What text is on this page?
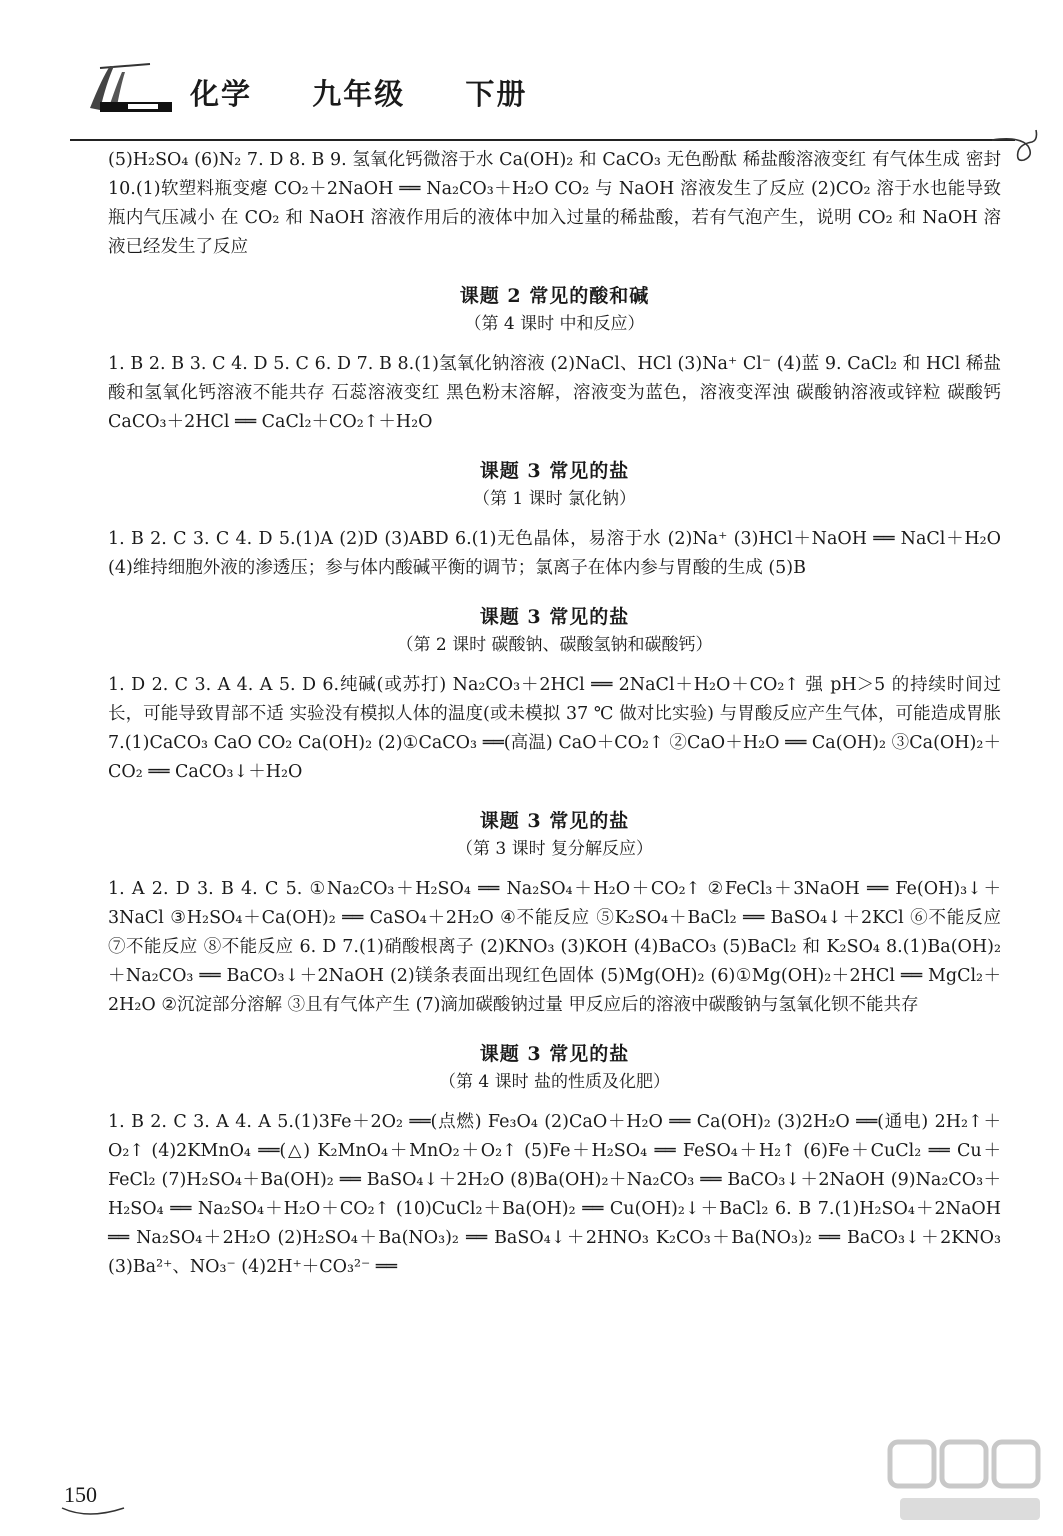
化学  九年级  下册

(5)H₂SO₄ (6)N₂ 7. D 8. B 9. 氢氧化钙微溶于水 Ca(OH)₂ 和 CaCO₃ 无色酚酞 稀盐酸溶液变红 有气体生成 密封 10.(1)软塑料瓶变瘪 CO₂＋2NaOH ══ Na₂CO₃＋H₂O CO₂ 与 NaOH 溶液发生了反应 (2)CO₂ 溶于水也能导致瓶内气压减小 在 CO₂ 和 NaOH 溶液作用后的液体中加入过量的稀盐酸，若有气泡产生，说明 CO₂ 和 NaOH 溶液已经发生了反应

课题 2 常见的酸和碱
（第 4 课时 中和反应）

1. B 2. B 3. C 4. D 5. C 6. D 7. B 8.(1)氢氧化钠溶液 (2)NaCl、HCl (3)Na⁺ Cl⁻ (4)蓝 9. CaCl₂ 和 HCl 稀盐酸和氢氧化钙溶液不能共存 石蕊溶液变红 黑色粉末溶解，溶液变为蓝色，溶液变浑浊 碳酸钠溶液或锌粒 碳酸钙 CaCO₃＋2HCl ══ CaCl₂＋CO₂↑＋H₂O

课题 3 常见的盐
（第 1 课时 氯化钠）

1. B 2. C 3. C 4. D 5.(1)A (2)D (3)ABD 6.(1)无色晶体，易溶于水 (2)Na⁺ (3)HCl＋NaOH ══ NaCl＋H₂O (4)维持细胞外液的渗透压；参与体内酸碱平衡的调节；氯离子在体内参与胃酸的生成 (5)B

课题 3 常见的盐
（第 2 课时 碳酸钠、碳酸氢钠和碳酸钙）

1. D 2. C 3. A 4. A 5. D 6.纯碱(或苏打) Na₂CO₃＋2HCl ══ 2NaCl＋H₂O＋CO₂↑ 强 pH＞5 的持续时间过长，可能导致胃部不适 实验没有模拟人体的温度(或未模拟 37 ℃ 做对比实验) 与胃酸反应产生气体，可能造成胃胀 7.(1)CaCO₃ CaO CO₂ Ca(OH)₂ (2)①CaCO₃ ══(高温) CaO＋CO₂↑ ②CaO＋H₂O ══ Ca(OH)₂ ③Ca(OH)₂＋CO₂ ══ CaCO₃↓＋H₂O

课题 3 常见的盐
（第 3 课时 复分解反应）

1. A 2. D 3. B 4. C 5. ①Na₂CO₃＋H₂SO₄ ══ Na₂SO₄＋H₂O＋CO₂↑ ②FeCl₃＋3NaOH ══ Fe(OH)₃↓＋3NaCl ③H₂SO₄＋Ca(OH)₂ ══ CaSO₄＋2H₂O ④不能反应 ⑤K₂SO₄＋BaCl₂ ══ BaSO₄↓＋2KCl ⑥不能反应 ⑦不能反应 ⑧不能反应 6. D 7.(1)硝酸根离子 (2)KNO₃ (3)KOH (4)BaCO₃ (5)BaCl₂ 和 K₂SO₄ 8.(1)Ba(OH)₂＋Na₂CO₃ ══ BaCO₃↓＋2NaOH (2)镁条表面出现红色固体 (5)Mg(OH)₂ (6)①Mg(OH)₂＋2HCl ══ MgCl₂＋2H₂O ②沉淀部分溶解 ③且有气体产生 (7)滴加碳酸钠过量 甲反应后的溶液中碳酸钠与氢氧化钡不能共存

课题 3 常见的盐
（第 4 课时 盐的性质及化肥）

1. B 2. C 3. A 4. A 5.(1)3Fe＋2O₂ ══(点燃) Fe₃O₄ (2)CaO＋H₂O ══ Ca(OH)₂ (3)2H₂O ══(通电) 2H₂↑＋O₂↑ (4)2KMnO₄ ══(△) K₂MnO₄＋MnO₂＋O₂↑ (5)Fe＋H₂SO₄ ══ FeSO₄＋H₂↑ (6)Fe＋CuCl₂ ══ Cu＋FeCl₂ (7)H₂SO₄＋Ba(OH)₂ ══ BaSO₄↓＋2H₂O (8)Ba(OH)₂＋Na₂CO₃ ══ BaCO₃↓＋2NaOH (9)Na₂CO₃＋H₂SO₄ ══ Na₂SO₄＋H₂O＋CO₂↑ (10)CuCl₂＋Ba(OH)₂ ══ Cu(OH)₂↓＋BaCl₂ 6. B 7.(1)H₂SO₄＋2NaOH ══ Na₂SO₄＋2H₂O (2)H₂SO₄＋Ba(NO₃)₂ ══ BaSO₄↓＋2HNO₃ K₂CO₃＋Ba(NO₃)₂ ══ BaCO₃↓＋2KNO₃ (3)Ba²⁺、NO₃⁻ (4)2H⁺＋CO₃²⁻ ══

150
